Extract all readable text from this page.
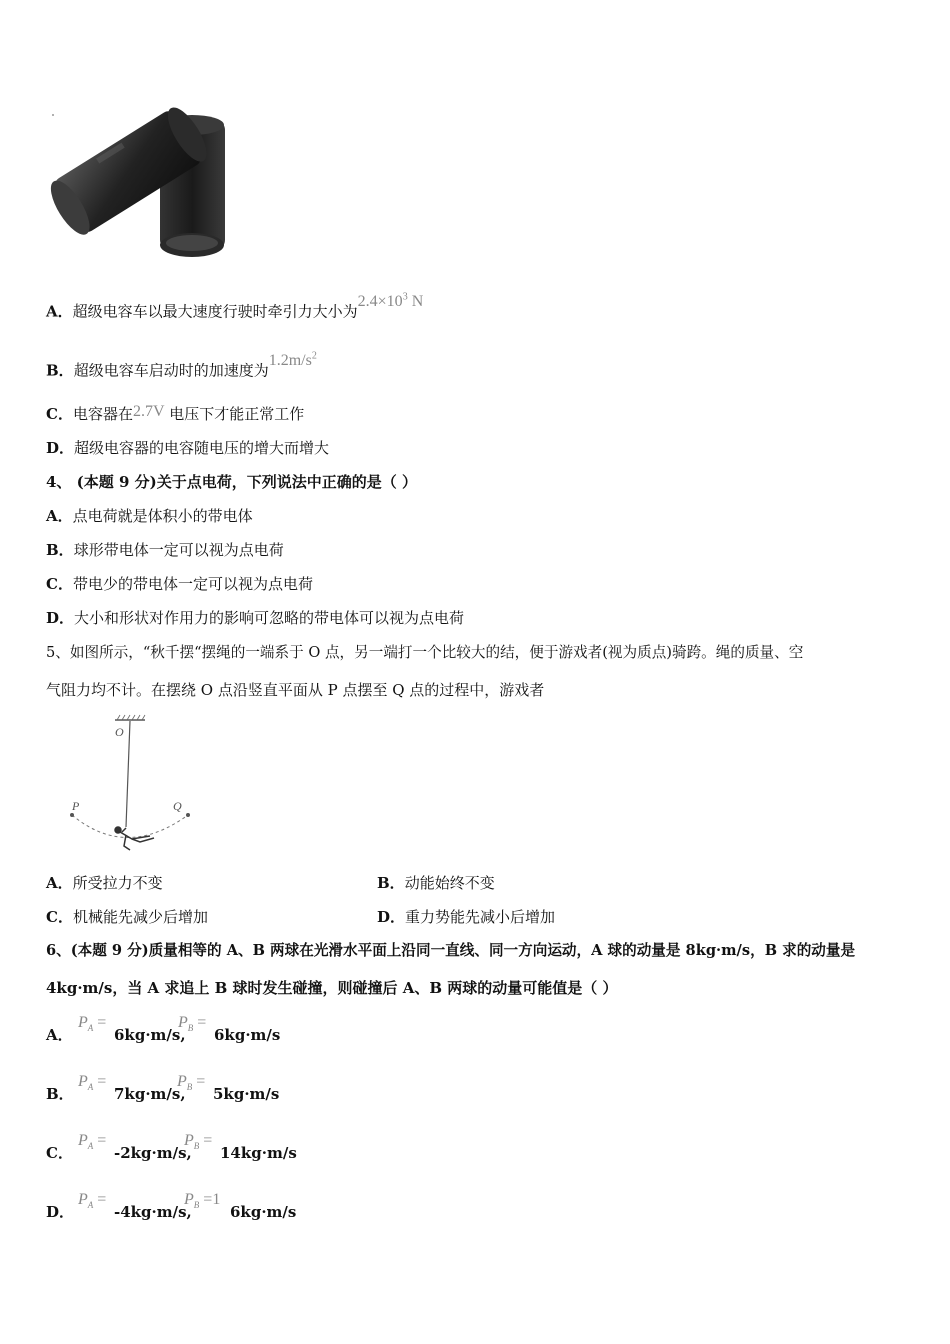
A．超级电容车以最大速度行驶时牵引力大小为$2.4\times 10^3$ N
B．超级电容车启动时的加速度为$1.2m/s^2$
C．电容器在2.7V 电压下才能正常工作
D．超级电容器的电容随电压的增大而增大
4、 (本题 9 分)关于点电荷，下列说法中正确的是（ ）
A．点电荷就是体积小的带电体
B．球形带电体一定可以视为点电荷
C．带电少的带电体一定可以视为点电荷
D．大小和形状对作用力的影响可忽略的带电体可以视为点电荷
5、如图所示，“秋千摆“摆绳的一端系于 O 点，另一端打一个比较大的结，便于游戏者(视为质点)骑跨。绳的质量、空
气阻力均不计。在摆绕 O 点沿竖直平面从 P 点摆至 Q 点的过程中，游戏者
O
P	Q
A．所受拉力不变	B．动能始终不变
C．机械能先减少后增加	D．重力势能先减小后增加
6、(本题 9 分)质量相等的 A、B 两球在光滑水平面上沿同一直线、同一方向运动，A 球的动量是 8kg·m/s，B 求的动量是
4kg·m/s，当 A 求追上 B 球时发生碰撞，则碰撞后 A、B 两球的动量可能值是（ ）
A．
$P_A$ =
6kg·m/s,
$P_B$ =
6kg·m/s
B．
$P_A$ =
7kg·m/s,
$P_B$ =
5kg·m/s
C．
$P_A$ =
-2kg·m/s,
$P_B$ =
14kg·m/s
D．
$P_A$ =
-4kg·m/s,
$P_B =1$
6kg·m/s
